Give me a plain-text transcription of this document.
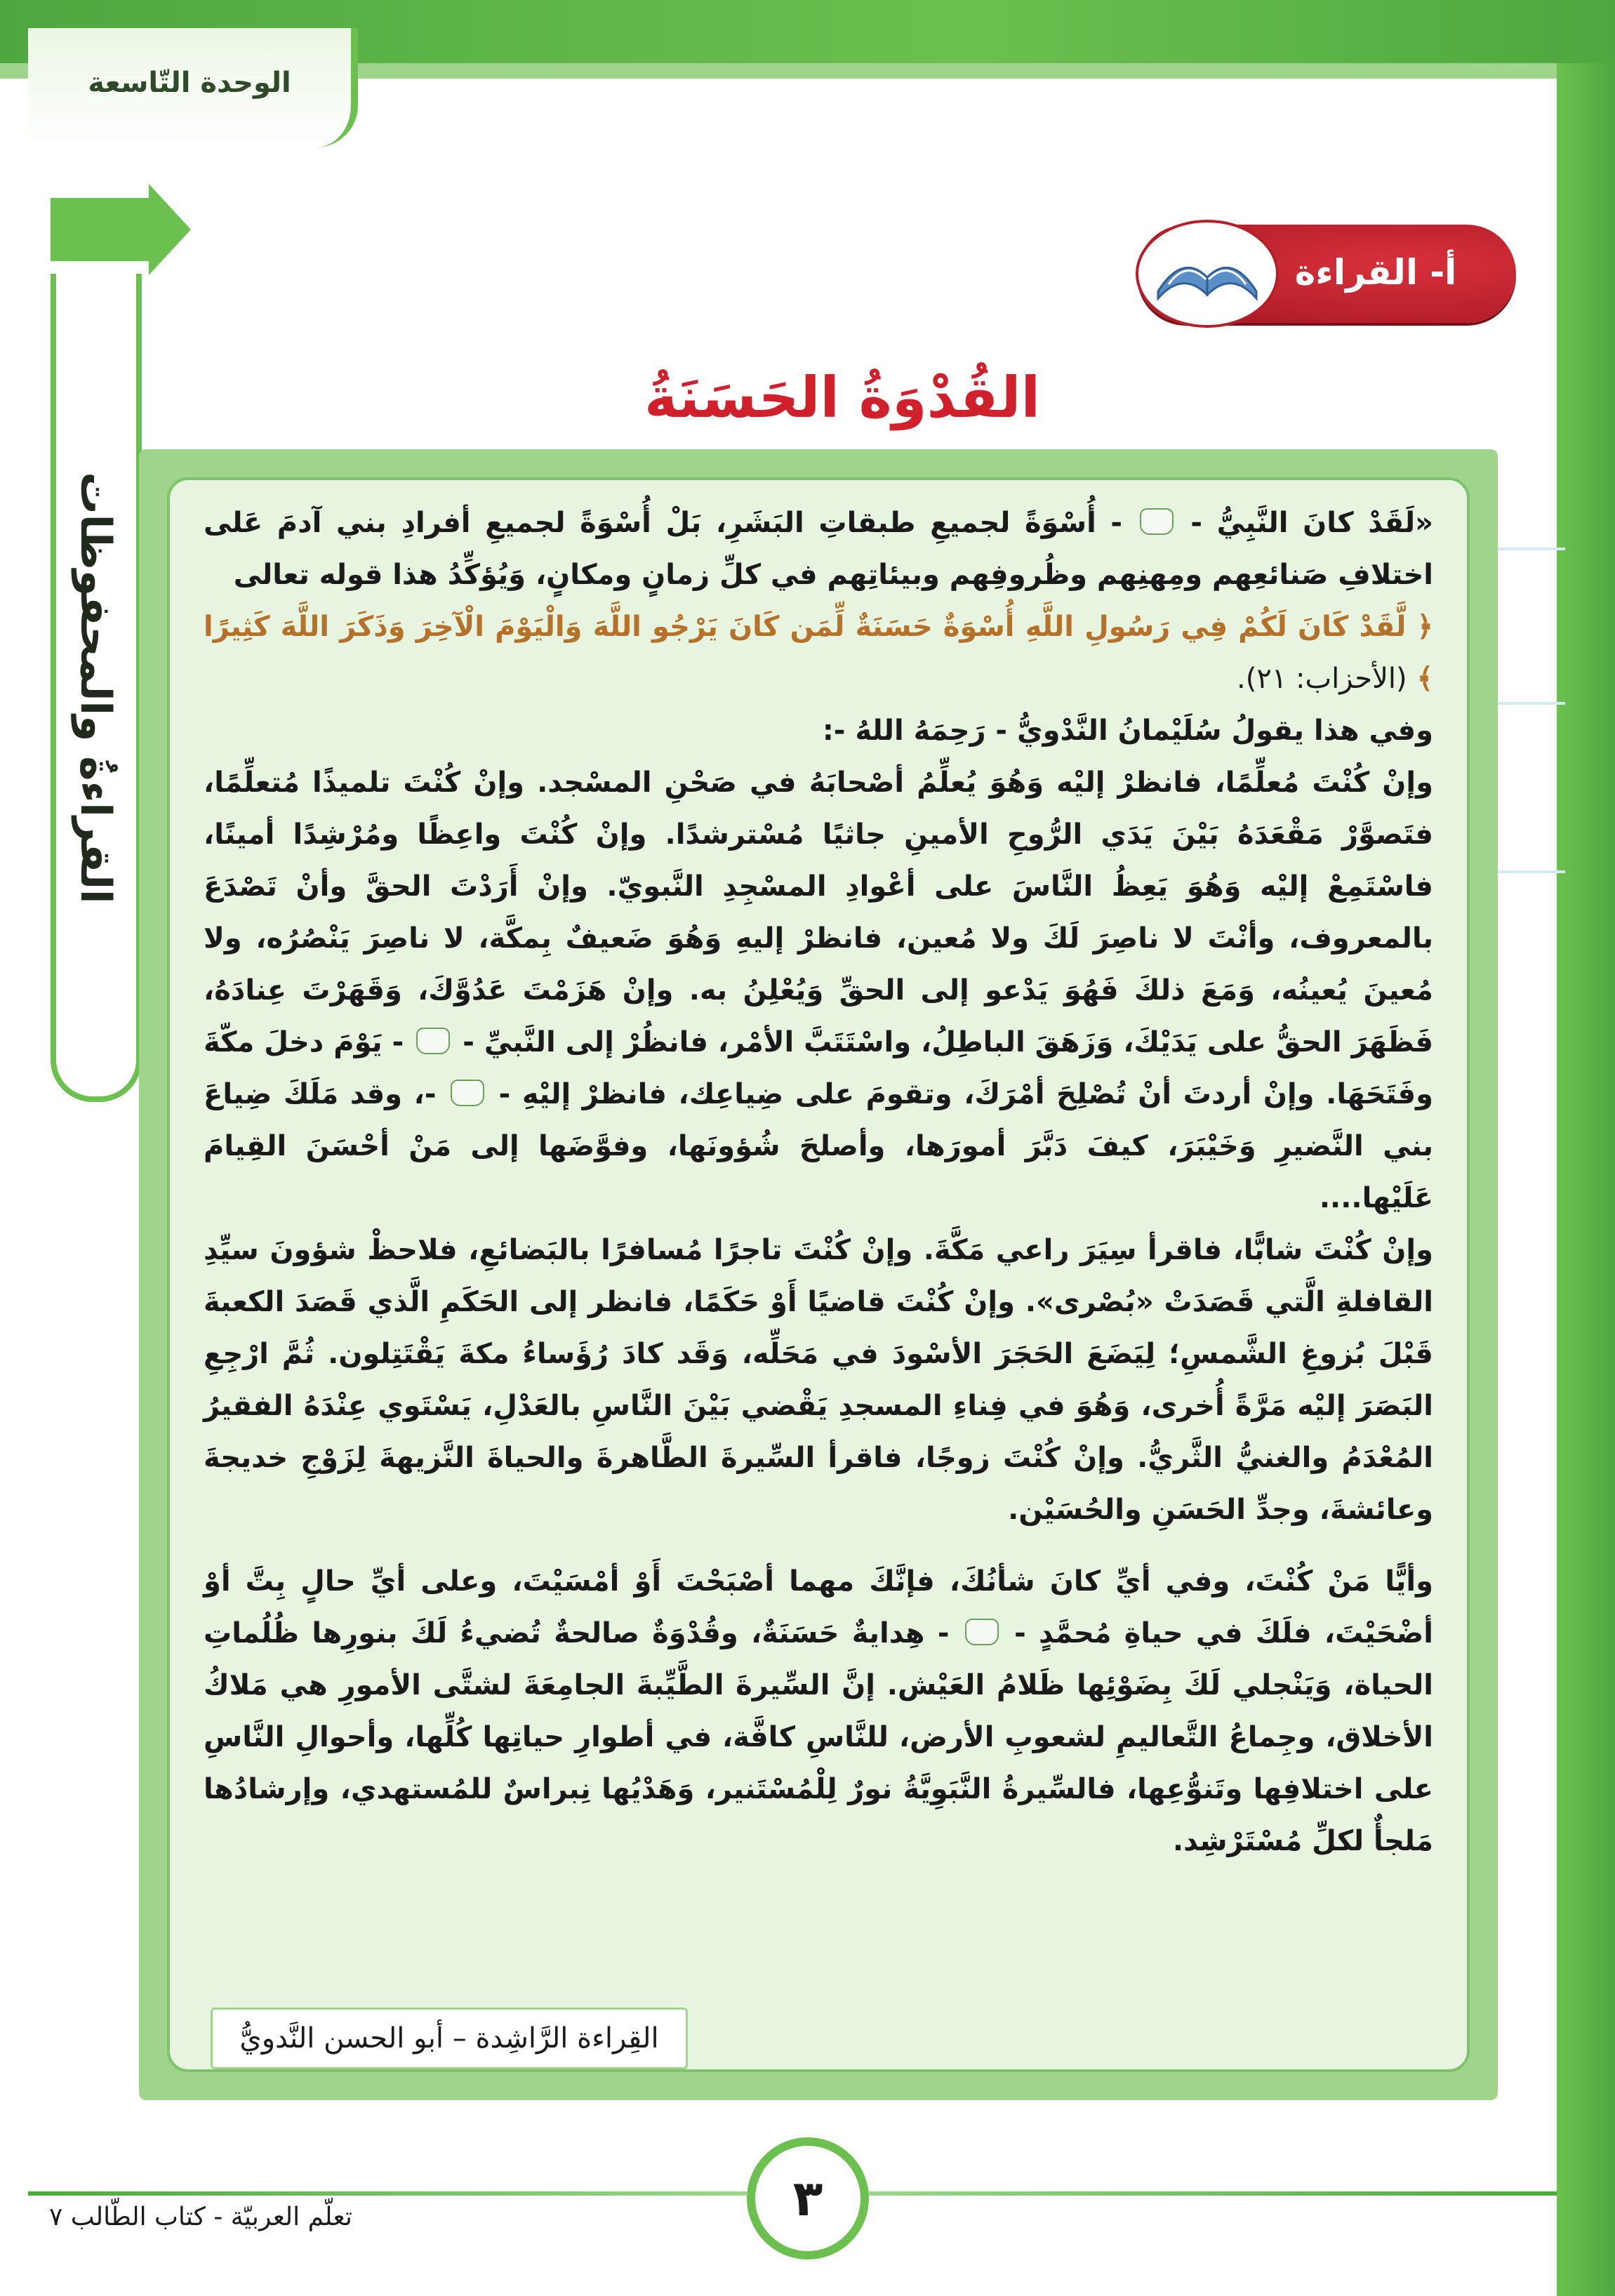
الوحدة التّاسعة
القراءةُ والمحفوظات
أ- القراءة
القُدْوَةُ الحَسَنَةُ

«لَقَدْ كانَ النَّبِيُّ -  - أُسْوَةً لجميعِ طبقاتِ البَشَرِ، بَلْ أُسْوَةً لجميعِ أفرادِ بني آدمَ عَلى اختلافِ صَنائعِهم ومِهنِهم وظُروفِهم وبيئاتِهم في كلِّ زمانٍ ومكانٍ، وَيُؤكِّدُ هذا قوله تعالى

﴿ لَّقَدْ كَانَ لَكُمْ فِي رَسُولِ اللَّهِ أُسْوَةٌ حَسَنَةٌ لِّمَن كَانَ يَرْجُو اللَّهَ وَالْيَوْمَ الْآخِرَ وَذَكَرَ اللَّهَ كَثِيرًا ﴾ (الأحزاب: ٢١).

وفي هذا يقولُ سُلَيْمانُ النَّدْويُّ - رَحِمَهُ اللهُ -:

وإنْ كُنْتَ مُعلِّمًا، فانظرْ إليْه وَهُوَ يُعلِّمُ أصْحابَهُ في صَحْنِ المسْجد. وإنْ كُنْتَ تلميذًا مُتعلِّمًا، فتَصوَّرْ مَقْعَدَهُ بَيْنَ يَدَي الرُّوحِ الأمينِ جاثيًا مُسْترشدًا. وإنْ كُنْتَ واعِظًا ومُرْشِدًا أمينًا، فاسْتَمِعْ إليْه وَهُوَ يَعِظُ النَّاسَ على أعْوادِ المسْجِدِ النَّبويّ. وإنْ أَرَدْتَ الحقَّ وأنْ تَصْدَعَ بالمعروف، وأنْتَ لا ناصِرَ لَكَ ولا مُعين، فانظرْ إليهِ وَهُوَ ضَعيفٌ بِمكَّة، لا ناصِرَ يَنْصُرُه، ولا مُعينَ يُعينُه، وَمَعَ ذلكَ فَهُوَ يَدْعو إلى الحقِّ وَيُعْلِنُ به. وإنْ هَزَمْتَ عَدُوَّكَ، وَقَهَرْتَ عِنادَهُ، فَظَهَرَ الحقُّ على يَدَيْكَ، وَزَهَقَ الباطِلُ، واسْتَتَبَّ الأمْر، فانظُرْ إلى النَّبيِّ -  - يَوْمَ دخلَ مكّةَ وفَتَحَهَا. وإنْ أردتَ أنْ تُصْلِحَ أمْرَكَ، وتقومَ على ضِياعِك، فانظرْ إليْهِ -  -، وقد مَلَكَ ضِياعَ بني النَّضيرِ وَخَيْبَرَ، كيفَ دَبَّرَ أمورَها، وأصلحَ شُؤونَها، وفوَّضَها إلى مَنْ أحْسَنَ القِيامَ عَلَيْها....

وإنْ كُنْتَ شابًّا، فاقرأ سِيَرَ راعي مَكَّةَ. وإنْ كُنْتَ تاجرًا مُسافرًا بالبَضائعِ، فلاحظْ شؤونَ سيِّدِ القافلةِ الَّتي قَصَدَتْ «بُصْرى». وإنْ كُنْتَ قاضيًا أَوْ حَكَمًا، فانظر إلى الحَكَمِ الَّذي قَصَدَ الكعبةَ قَبْلَ بُزوغِ الشَّمسِ؛ لِيَضَعَ الحَجَرَ الأسْودَ في مَحَلِّه، وَقَد كادَ رُؤَساءُ مكةَ يَقْتَتِلون. ثُمَّ ارْجِعِ البَصَرَ إليْه مَرَّةً أُخرى، وَهُوَ في فِناءِ المسجدِ يَقْضي بَيْنَ النَّاسِ بالعَدْلِ، يَسْتَوي عِنْدَهُ الفقيرُ المُعْدَمُ والغنيُّ الثَّريُّ. وإنْ كُنْتَ زوجًا، فاقرأ السِّيرةَ الطَّاهرةَ والحياةَ النَّزيهةَ لِزَوْجِ خديجةَ وعائشةَ، وجدِّ الحَسَنِ والحُسَيْن.

وأيًّا مَنْ كُنْتَ، وفي أيِّ كانَ شأنُكَ، فإنَّكَ مهما أصْبَحْتَ أَوْ أمْسَيْتَ، وعلى أيِّ حالٍ بِتَّ أوْ أضْحَيْتَ، فلَكَ في حياةِ مُحمَّدٍ -  - هِدايةٌ حَسَنَةٌ، وقُدْوَةٌ صالحةٌ تُضيءُ لَكَ بنورِها ظُلُماتِ الحياة، وَيَنْجلي لَكَ بِضَوْئِها ظَلامُ العَيْش. إنَّ السِّيرةَ الطَّيِّبةَ الجامِعَةَ لشتَّى الأمورِ هي مَلاكُ الأخلاق، وجِماعُ التَّعاليمِ لشعوبِ الأرض، للنَّاسِ كافَّة، في أطوارِ حياتِها كُلِّها، وأحوالِ النَّاسِ على اختلافِها وتَنوُّعِها، فالسِّيرةُ النَّبَوِيَّةُ نورٌ لِلْمُسْتَنير، وَهَدْيُها نِبراسٌ للمُستهدي، وإرشادُها مَلجأٌ لكلِّ مُسْتَرْشِد.

القِراءة الرَّاشِدة – أبو الحسن النَّدويُّ
٣
تعلّم العربيّة - كتاب الطّالب ٧
